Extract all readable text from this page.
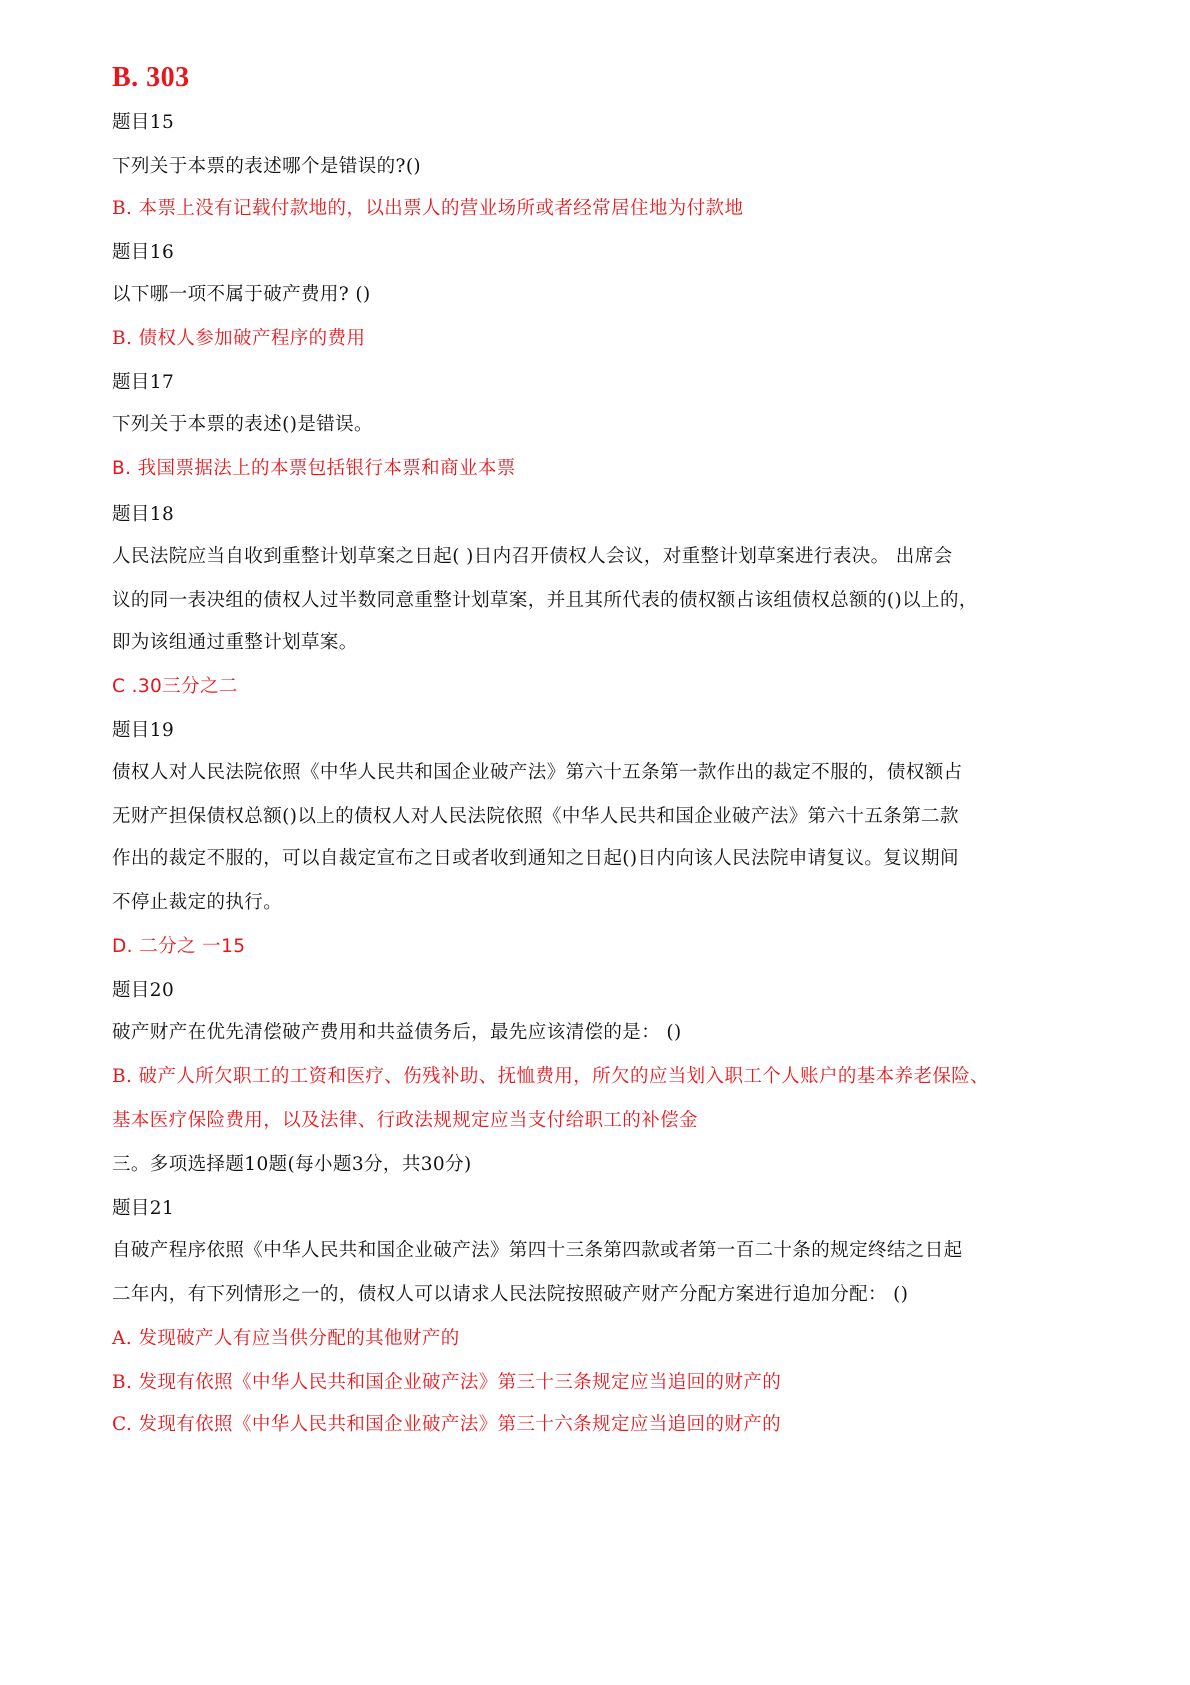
B. 303
题目15
下列关于本票的表述哪个是错误的?()
B. 本票上没有记载付款地的，以出票人的营业场所或者经常居住地为付款地
题目16
以下哪一项不属于破产费用? ()
B. 债权人参加破产程序的费用
题目17
下列关于本票的表述()是错误。
B. 我国票据法上的本票包括银行本票和商业本票
题目18
人民法院应当自收到重整计划草案之日起( )日内召开债权人会议，对重整计划草案进行表决。 出席会
议的同一表决组的债权人过半数同意重整计划草案，并且其所代表的债权额占该组债权总额的()以上的，
即为该组通过重整计划草案。
C .30三分之二
题目19
债权人对人民法院依照《中华人民共和国企业破产法》第六十五条第一款作出的裁定不服的，债权额占
无财产担保债权总额()以上的债权人对人民法院依照《中华人民共和国企业破产法》第六十五条第二款
作出的裁定不服的，可以自裁定宣布之日或者收到通知之日起()日内向该人民法院申请复议。复议期间
不停止裁定的执行。
D. 二分之 一15
题目20
破产财产在优先清偿破产费用和共益债务后，最先应该清偿的是： ()
B. 破产人所欠职工的工资和医疗、伤残补助、抚恤费用，所欠的应当划入职工个人账户的基本养老保险、
基本医疗保险费用，以及法律、行政法规规定应当支付给职工的补偿金
三。多项选择题10题(每小题3分，共30分)
题目21
自破产程序依照《中华人民共和国企业破产法》第四十三条第四款或者第一百二十条的规定终结之日起
二年内，有下列情形之一的，债权人可以请求人民法院按照破产财产分配方案进行追加分配： ()
A. 发现破产人有应当供分配的其他财产的
B. 发现有依照《中华人民共和国企业破产法》第三十三条规定应当追回的财产的
C. 发现有依照《中华人民共和国企业破产法》第三十六条规定应当追回的财产的
